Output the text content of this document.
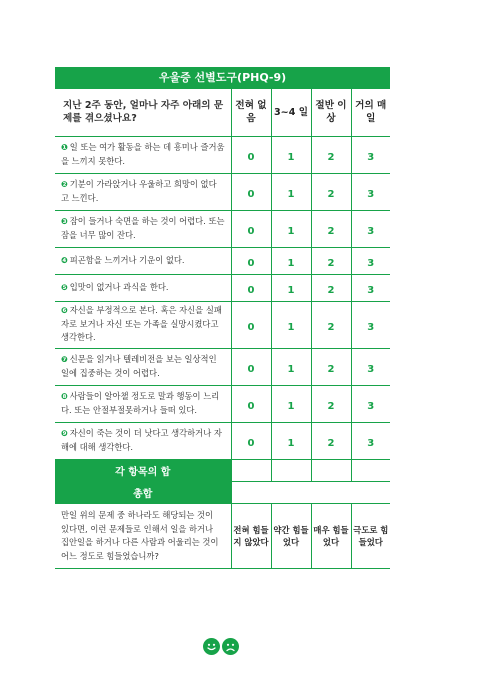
우울증 선별도구(PHQ-9)
지난 2주 동안, 얼마나 자주 아래의 문제를 겪으셨나요?	전혀 없음	3~4 일	절반 이상	거의 매일
❶ 일 또는 여가 활동을 하는 데 흥미나 즐거움을 느끼지 못한다.	0	1	2	3
❷ 기분이 가라앉거나 우울하고 희망이 없다고 느낀다.	0	1	2	3
❸ 잠이 들거나 숙면을 하는 것이 어렵다. 또는 잠을 너무 많이 잔다.	0	1	2	3
❹ 피곤함을 느끼거나 기운이 없다.	0	1	2	3
❺ 입맛이 없거나 과식을 한다.	0	1	2	3
❻ 자신을 부정적으로 본다. 혹은 자신을 실패자로 보거나 자신 또는 가족을 실망시켰다고 생각한다.	0	1	2	3
❼ 신문을 읽거나 텔레비전을 보는 일상적인 일에 집중하는 것이 어렵다.	0	1	2	3
❽ 사람들이 알아챌 정도로 말과 행동이 느리다. 또는 안절부절못하거나 들떠 있다.	0	1	2	3
❾ 자신이 죽는 것이 더 낫다고 생각하거나 자해에 대해 생각한다.	0	1	2	3
각 항목의 합				
총합				
만일 위의 문제 중 하나라도 해당되는 것이 있다면, 이런 문제들로 인해서 일을 하거나 집안일을 하거나 다른 사람과 어울리는 것이 어느 정도로 힘들었습니까?	전혀 힘들지 않았다	약간 힘들었다	매우 힘들었다	극도로 힘들었다
